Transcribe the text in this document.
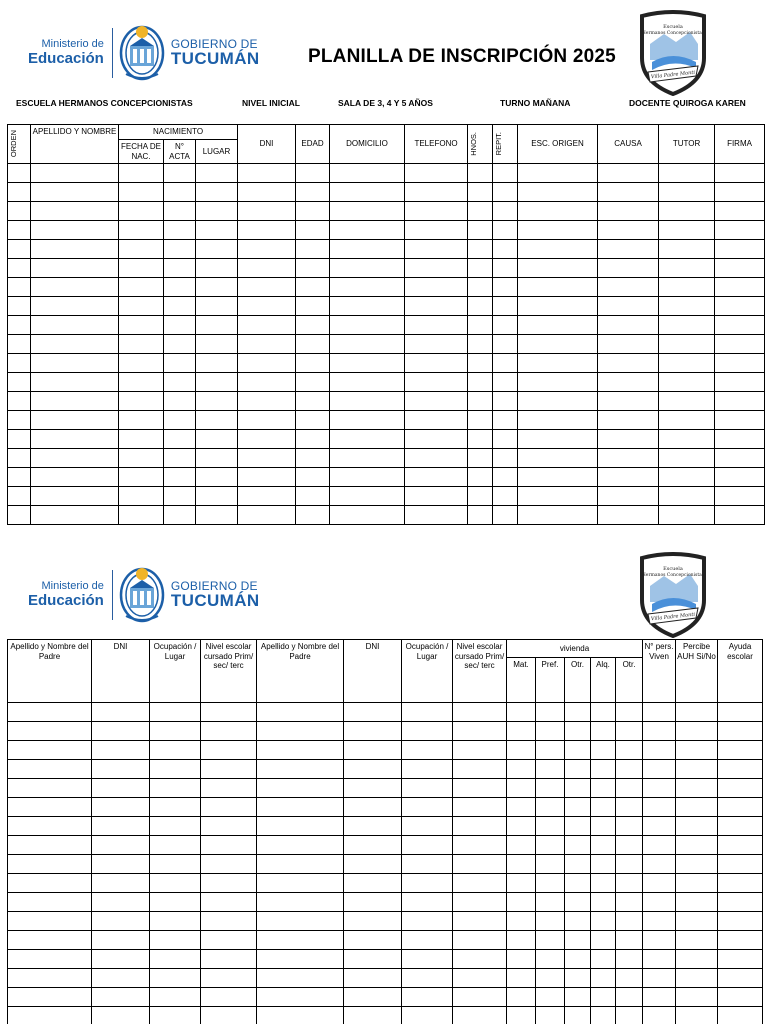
Ministerio de
Educación
GOBIERNO DE
TUCUMÁN	PLANILLA DE INSCRIPCIÓN 2025
Escuela
Hermanos Concepcionistas
Villa Padre Monti
ESCUELA HERMANOS CONCEPCIONISTAS	NIVEL INICIAL	SALA DE 3, 4 Y 5 AÑOS	TURNO MAÑANA	DOCENTE QUIROGA KAREN
ORDEN	APELLIDO Y NOMBRE	NACIMIENTO			DNI	EDAD	DOMICILIO	TELEFONO	HNOS.	REPIT.	ESC. ORIGEN	CAUSA	TUTOR	FIRMA
		FECHA DE NAC.	N° ACTA	LUGAR										

Ministerio de
Educación
GOBIERNO DE
TUCUMÁN
Escuela
Hermanos Concepcionistas
Villa Padre Monti
Apellido y Nombre del Padre	DNI	Ocupación / Lugar	Nivel escolar cursado Prim/ sec/ terc	Apellido y Nombre del Padre	DNI	Ocupación / Lugar	Nivel escolar cursado Prim/ sec/ terc	vivienda					N° pers. Viven	Percibe AUH Si/No	Ayuda escolar
								Mat.	Pref.	Otr.	Alq.	Otr.			
